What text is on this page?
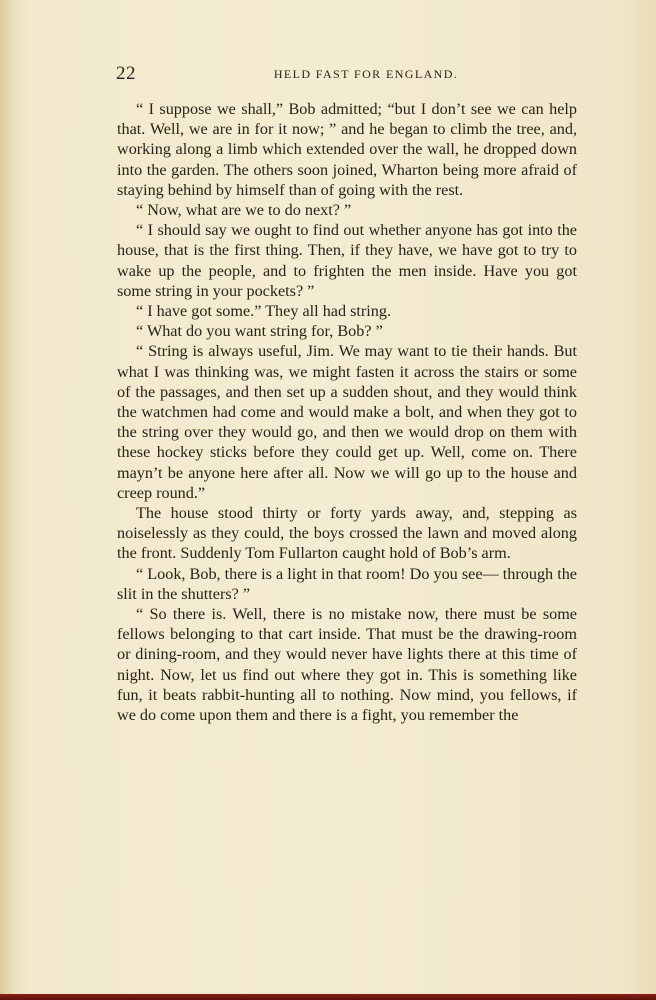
22	HELD FAST FOR ENGLAND.

“ I suppose we shall,” Bob admitted; “but I don’t see we can help that. Well, we are in for it now; ” and he began to climb the tree, and, working along a limb which extended over the wall, he dropped down into the garden. The others soon joined, Wharton being more afraid of staying behind by himself than of going with the rest.

“ Now, what are we to do next? ”

“ I should say we ought to find out whether anyone has got into the house, that is the first thing. Then, if they have, we have got to try to wake up the people, and to frighten the men inside. Have you got some string in your pockets? ”

“ I have got some.” They all had string.

“ What do you want string for, Bob? ”

“ String is always useful, Jim. We may want to tie their hands. But what I was thinking was, we might fasten it across the stairs or some of the passages, and then set up a sudden shout, and they would think the watchmen had come and would make a bolt, and when they got to the string over they would go, and then we would drop on them with these hockey sticks before they could get up. Well, come on. There mayn’t be anyone here after all. Now we will go up to the house and creep round.”

The house stood thirty or forty yards away, and, stepping as noiselessly as they could, the boys crossed the lawn and moved along the front. Suddenly Tom Fullarton caught hold of Bob’s arm.

“ Look, Bob, there is a light in that room! Do you see— through the slit in the shutters? ”

“ So there is. Well, there is no mistake now, there must be some fellows belonging to that cart inside. That must be the drawing-room or dining-room, and they would never have lights there at this time of night. Now, let us find out where they got in. This is something like fun, it beats rabbit-hunting all to nothing. Now mind, you fellows, if we do come upon them and there is a fight, you remember the
